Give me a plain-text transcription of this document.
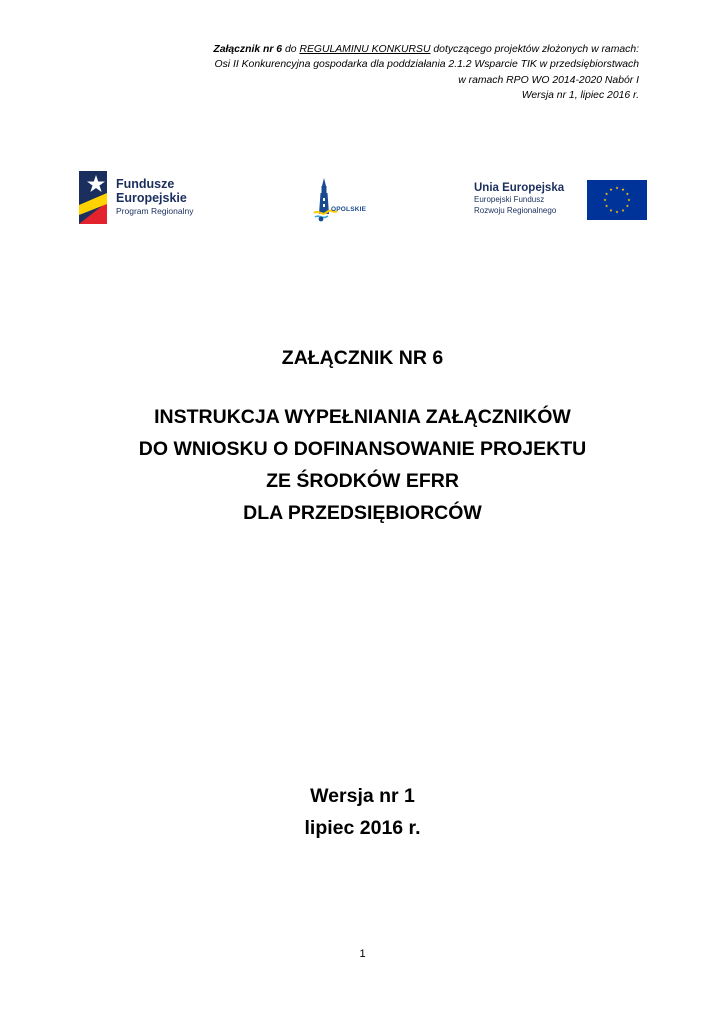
Załącznik nr 6 do REGULAMINU KONKURSU dotyczącego projektów złożonych w ramach:
Osi II Konkurencyjna gospodarka dla poddziałania 2.1.2 Wsparcie TIK w przedsiębiorstwach
w ramach RPO WO 2014-2020 Nabór I
Wersja nr 1, lipiec 2016 r.
Fundusze
Europejskie
Program Regionalny	OPOLSKIE
Unia Europejska
Europejski Fundusz
Rozwoju Regionalnego
ZAŁĄCZNIK NR 6
INSTRUKCJA WYPEŁNIANIA ZAŁĄCZNIKÓW
DO WNIOSKU O DOFINANSOWANIE PROJEKTU
ZE ŚRODKÓW EFRR
DLA PRZEDSIĘBIORCÓW
Wersja nr 1
lipiec 2016 r.
1
